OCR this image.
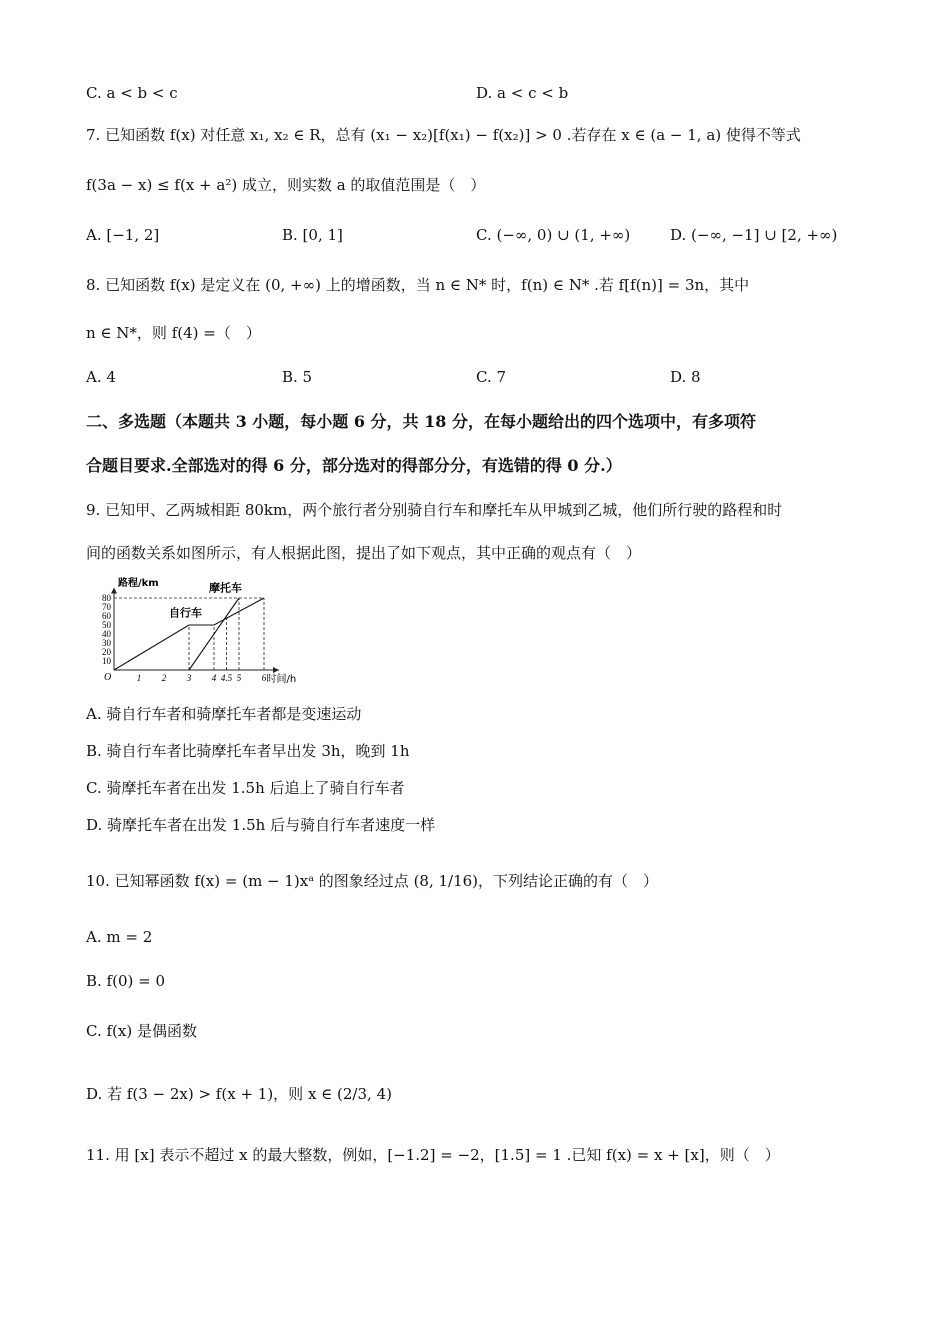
C. a < b < c	D. a < c < b
7. 已知函数 f(x) 对任意 x₁, x₂ ∈ R，总有 (x₁ − x₂)[f(x₁) − f(x₂)] > 0 .若存在 x ∈ (a − 1, a) 使得不等式
f(3a − x) ≤ f(x + a²) 成立，则实数 a 的取值范围是（　）
A. [−1, 2]	B. [0, 1]	C. (−∞, 0) ∪ (1, +∞)	D. (−∞, −1] ∪ [2, +∞)
8. 已知函数 f(x) 是定义在 (0, +∞) 上的增函数，当 n ∈ N* 时，f(n) ∈ N* .若 f[f(n)] = 3n，其中
n ∈ N*，则 f(4) =（　）
A. 4	B. 5	C. 7	D. 8
二、多选题（本题共 3 小题，每小题 6 分，共 18 分，在每小题给出的四个选项中，有多项符
合题目要求.全部选对的得 6 分，部分选对的得部分分，有选错的得 0 分.）
9. 已知甲、乙两城相距 80km，两个旅行者分别骑自行车和摩托车从甲城到乙城，他们所行驶的路程和时
间的函数关系如图所示，有人根据此图，提出了如下观点，其中正确的观点有（　）
10
20
30
40
50
60
70
80
1 2 3 4 4.5 5 6
O	时间/h
路程/km
自行车
摩托车
A. 骑自行车者和骑摩托车者都是变速运动
B. 骑自行车者比骑摩托车者早出发 3h，晚到 1h
C. 骑摩托车者在出发 1.5h 后追上了骑自行车者
D. 骑摩托车者在出发 1.5h 后与骑自行车者速度一样
10. 已知幂函数 f(x) = (m − 1)xᵃ 的图象经过点 (8, 1/16)，下列结论正确的有（　）
A. m = 2
B. f(0) = 0
C. f(x) 是偶函数
D. 若 f(3 − 2x) > f(x + 1)，则 x ∈ (2/3, 4)
11. 用 [x] 表示不超过 x 的最大整数，例如，[−1.2] = −2，[1.5] = 1 .已知 f(x) = x + [x]，则（　）
